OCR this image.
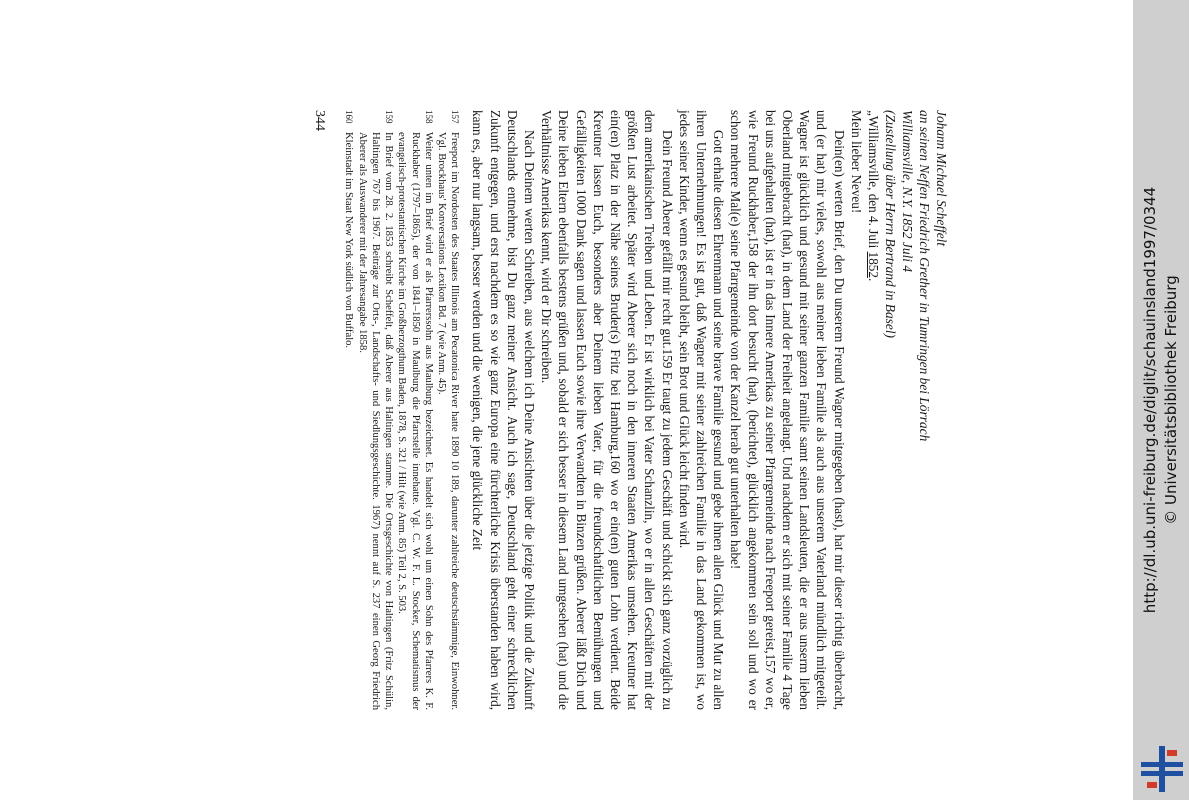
Johann Michael Scheffelt
an seinen Neffen Friedrich Grether in Tumringen bei Lörrach
Williamsville, N.Y. 1852 Juli 4
(Zustellung über Herrn Bertrand in Basel)
„Williamsville, den 4. Juli 1852.
Mein lieber Neveu!

Dein(en) werten Brief, den Du unserem Freund Wagner mitgegeben (hast), hat mir dieser richtig überbracht, und (er hat) mir vieles, sowohl aus meiner lieben Familie als auch aus unserem Vaterland mündlich mitgeteilt. Wagner ist glücklich und gesund mit seiner ganzen Familie samt seinen Landsleuten, die er aus unserm lieben Oberland mitgebracht (hat), in dem Land der Freiheit angelangt. Und nachdem er sich mit seiner Familie 4 Tage bei uns aufgehalten (hat), ist er in das Innere Amerikas zu seiner Pfarrgemeinde nach Freeport gereist,157 wo er, wie Freund Ruckhaber,158 der ihn dort besucht (hat), (berichtet), glücklich angekommen sein soll und wo er schon mehrere Mal(e) seine Pfarrgemeinde von der Kanzel herab gut unterhalten habe!

Gott erhalte diesen Ehrenmann und seine brave Familie gesund und gebe ihnen allen Glück und Mut zu allen ihren Unternehmungen! Es ist gut, daß Wagner mit seiner zahlreichen Familie in das Land gekommen ist, wo jedes seiner Kinder, wenn es gesund bleibt, sein Brot und Glück leicht finden wird.

Dein Freund Aberer gefällt mir recht gut.159 Er taugt zu jedem Geschäft und schickt sich ganz vorzüglich zu dem amerikanischen Treiben und Leben. Er ist wirklich bei Vater Schanzlin, wo er in allen Geschäften mit der größten Lust arbeitet. Später wird Aberer sich noch in den inneren Staaten Amerikas umsehen. Kreutner hat ein(en) Platz in der Nähe seines Bruder(s) Fritz bei Hamburg,160 wo er ein(en) guten Lohn verdient. Beide Kreutner lassen Euch, besonders aber Deinem lieben Vater, für die freundschaftlichen Bemühungen und Gefälligkeiten 1000 Dank sagen und lassen Euch sowie ihre Verwandten in Binzen grüßen. Aberer läßt Dich und Deine lieben Eltern ebenfalls bestens grüßen und, sobald er sich besser in diesem Land umgesehen (hat) und die Verhältnisse Amerikas kennt, wird er Dir schreiben.

Nach Deinem werten Schreiben, aus welchem ich Deine Ansichten über die jetzige Politik und die Zukunft Deutschlands entnehme, bist Du ganz meiner Ansicht. Auch ich sage, Deutschland geht einer schrecklichen Zukunft entgegen, und erst nachdem es so wie ganz Europa eine fürchterliche Krisis überstanden haben wird, kann es, aber nur langsam, besser werden und die wenigen, die jene glückliche Zeit

157
Freeport im Nordosten des Staates Illinois am Pecatonica River hatte 1890 10 189, darunter zahlreiche deutschstämmige, Einwohner. Vgl. Brockhaus' Konversations Lexikon Bd. 7 (wie Anm. 45).
158
Weiter unten im Brief wird er als Pfarrerssohn aus Maulburg bezeichnet. Es handelt sich wohl um einen Sohn des Pfarrers K. F. Ruckhaber (1797–1865), der von 1841–1850 in Maulburg die Pfarrstelle innehatte. Vgl. C. W. F. L. Stocker, Schematismus der evangelisch-protestantischen Kirche im Großherzogthum Baden, 1878, S. 321 / Hilt (wie Anm. 85) Teil 2, S. 503.
159
In Brief vom 28. 2. 1853 schreibt Scheffelt, daß Aberer aus Haltingen stamme. Die Ortsgeschichte von Haltingen (Fritz Schülin, Haltingen 767 bis 1967. Beiträge zur Orts-, Landschafts- und Siedlungsgeschichte. 1967) nennt auf S. 237 einen Georg Friedrich Aberer als Auswanderer mit der Jahresangabe 1858.
160
Kleinstadt im Staat New York südlich von Buffalo.
344
http://dl.ub.uni-freiburg.de/diglit/schauinsland1997/0344 © Universitätsbibliothek Freiburg
